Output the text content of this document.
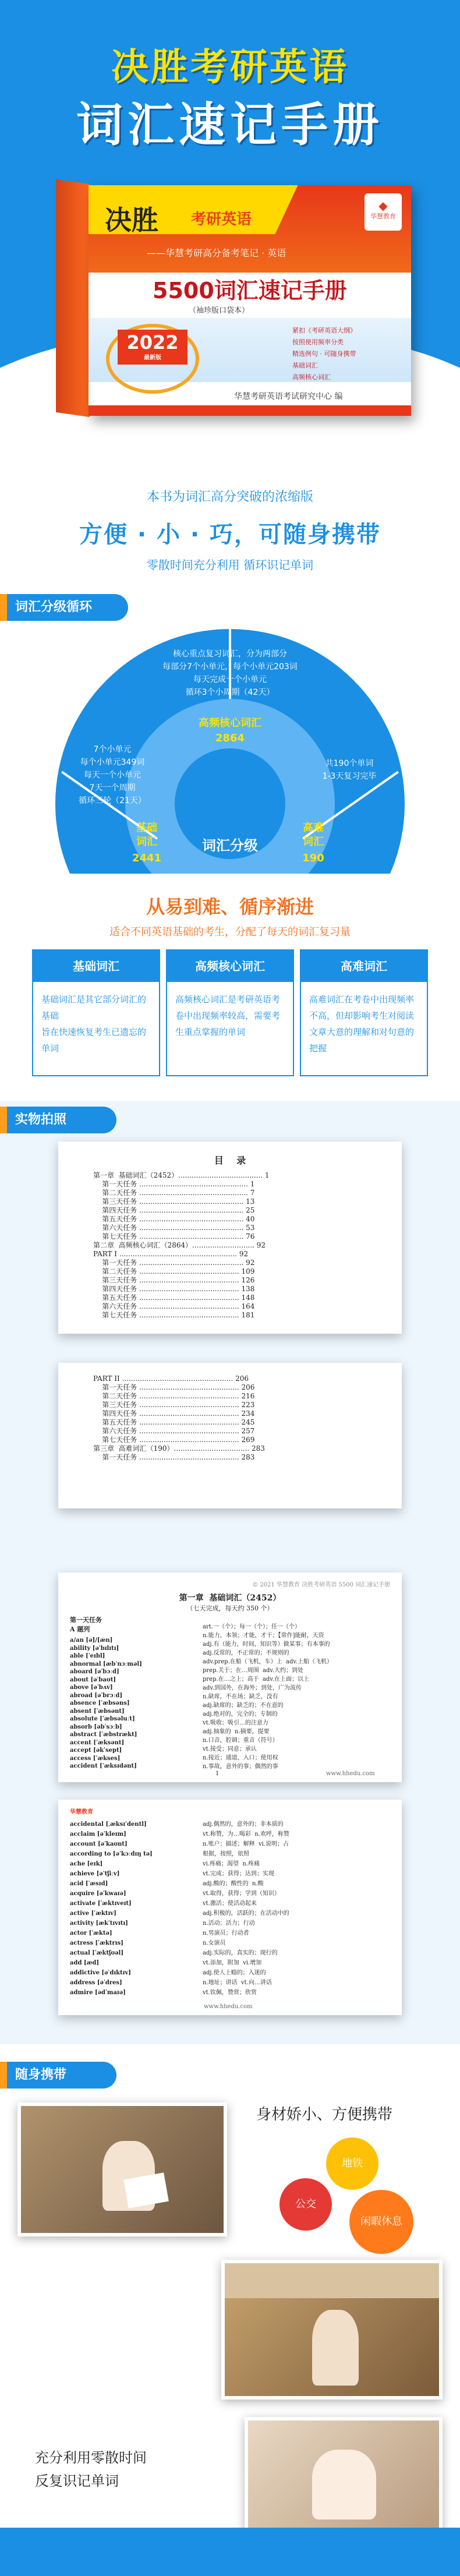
决胜考研英语
词汇速记手册
决胜 考研英语
——华慧考研高分备考笔记 · 英语
◆
华慧教育
5500词汇速记手册
（袖珍版口袋本）
2022
最新版
紧扣《考研英语大纲》
按照使用频率分类
精选例句 · 可随身携带
基础词汇
高频核心词汇
华慧考研英语考试研究中心 编
本书为词汇高分突破的浓缩版
方便 · 小 · 巧，可随身携带
零散时间充分利用 循环识记单词
词汇分级循环
7个小单元
每个小单元349词
每天一个小单元
7天一个周期
循环三轮（21天）
基础
词汇
2441
核心重点复习词汇，分为两部分
每部分7个小单元，每个小单元203词
每天完成一个小单元
循环3个小周期（42天）
高频核心词汇
2864
共190个单词
1-3天复习完毕
高难
词汇
190
词汇分级
从易到难、循序渐进
适合不同英语基础的考生，分配了每天的词汇复习量
基础词汇
基础词汇是其它部分词汇的基础
旨在快速恢复考生已遗忘的单词
高频核心词汇
高频核心词汇是考研英语考卷中出现频率较高，需要考生重点掌握的单词
高难词汇
高难词汇在考卷中出现频率不高，但却影响考生对阅读文章大意的理解和对句意的把握
实物拍照
目    录
第一章  基础词汇（2452）...................................... 1
第一天任务 ................................................. 1
第二天任务 ................................................. 7
第三天任务 ............................................... 13
第四天任务 ............................................... 25
第五天任务 ............................................... 40
第六天任务 ............................................... 53
第七天任务 ............................................... 76
第二章  高频核心词汇（2864）............................ 92
PART I ..................................................... 92
第一天任务 ............................................... 92
第二天任务 ............................................. 109
第三天任务 ............................................. 126
第四天任务 ............................................. 138
第五天任务 ............................................. 148
第六天任务 ............................................. 164
第七天任务 ............................................. 181
PART II .................................................. 206
第一天任务 ............................................. 206
第二天任务 ............................................. 216
第三天任务 ............................................. 223
第四天任务 ............................................. 234
第五天任务 ............................................. 245
第六天任务 ............................................. 257
第七天任务 ............................................. 269
第三章  高难词汇（190）.................................. 283
第一天任务 ............................................. 283
© 2021 华慧教育 决胜考研英语 5500 词汇速记手册
第一章  基础词汇（2452）
（七天完成，每天约 350 个）
第一天任务
A 题列
a/an [ə]/[æn]
ability [əˈbɪlɪtɪ]
able [ˈeɪbl]
abnormal [æbˈnɔːməl]
aboard [əˈbɔːd]
about [əˈbaʊt]
above [əˈbʌv]
abroad [əˈbrɔːd]
absence [ˈæbsəns]
absent [ˈæbsənt]
absolute [ˈæbsəluːt]
absorb [əbˈsɔːb]
abstract [ˈæbstrækt]
accent [ˈæksənt]
accept [əkˈsept]
access [ˈækses]
accident [ˈæksɪdənt]
art.一（个）；每一（个）；任一（个）
n.能力，本领；才能，才干；【常作]能耐，天资
adj.有（能力，时间，知识等）做某事；有本事的
adj.反常的，不正常的；不规则的
adv.prep.在船（飞机，车）上  adv.上船（飞机）
prep.关于；在…周围  adv.大约；到处
prep.在…之上；高于  adv.在上面；以上
adv.到国外，在海外；到处，广为流传
n.缺席，不在场；缺乏，没有
adj.缺席的；缺乏的；不在意的
adj.绝对的，完全的；专制的
vt.吸收；吸引…的注意力
adj.抽象的  n.摘要，提要
n.口音，腔调；重音（符号）
vt.接受；同意；承认
n.接近；通道，入口；使用权
n.事故，意外的事；偶然的事
1	www.hhedu.com
华慧教育
accidental [ˌæksɪˈdentl]
acclaim [əˈkleɪm]
account [əˈkaʊnt]
according to [əˈkɔːdɪŋ tə]
ache [eɪk]
achieve [əˈtʃiːv]
acid [ˈæsɪd]
acquire [əˈkwaɪə]
activate [ˈæktɪveɪt]
active [ˈæktɪv]
activity [ækˈtɪvɪtɪ]
actor [ˈæktə]
actress [ˈæktrɪs]
actual [ˈæktʃʊəl]
add [æd]
addictive [əˈdɪktɪv]
address [əˈdres]
admire [ədˈmaɪə]
adj.偶然的，意外的；非本质的
vt.称赞，为…喝彩  n.欢呼，称赞
n.账户；描述；解释  vi.说明；占
根据，按照，依照
vi.疼痛；渴望  n.疼痛
vt.完成；获得；达到；实现
adj.酸的；酸性的  n.酸
vt.取得，获得；学到（知识）
vt.激活；使活动起来
adj.积极的，活跃的；在活动中的
n.活动；活力；行动
n.男演员；行动者
n.女演员
adj.实际的，真实的；现行的
vt.添加，附加  vi.增加
adj.使人上瘾的；入迷的
n.地址；讲话  vt.向…讲话
vt.钦佩，赞赏；欣赏
www.hhedu.com
随身携带
身材娇小、方便携带
地铁
公交
闲暇休息
充分利用零散时间
反复识记单词
